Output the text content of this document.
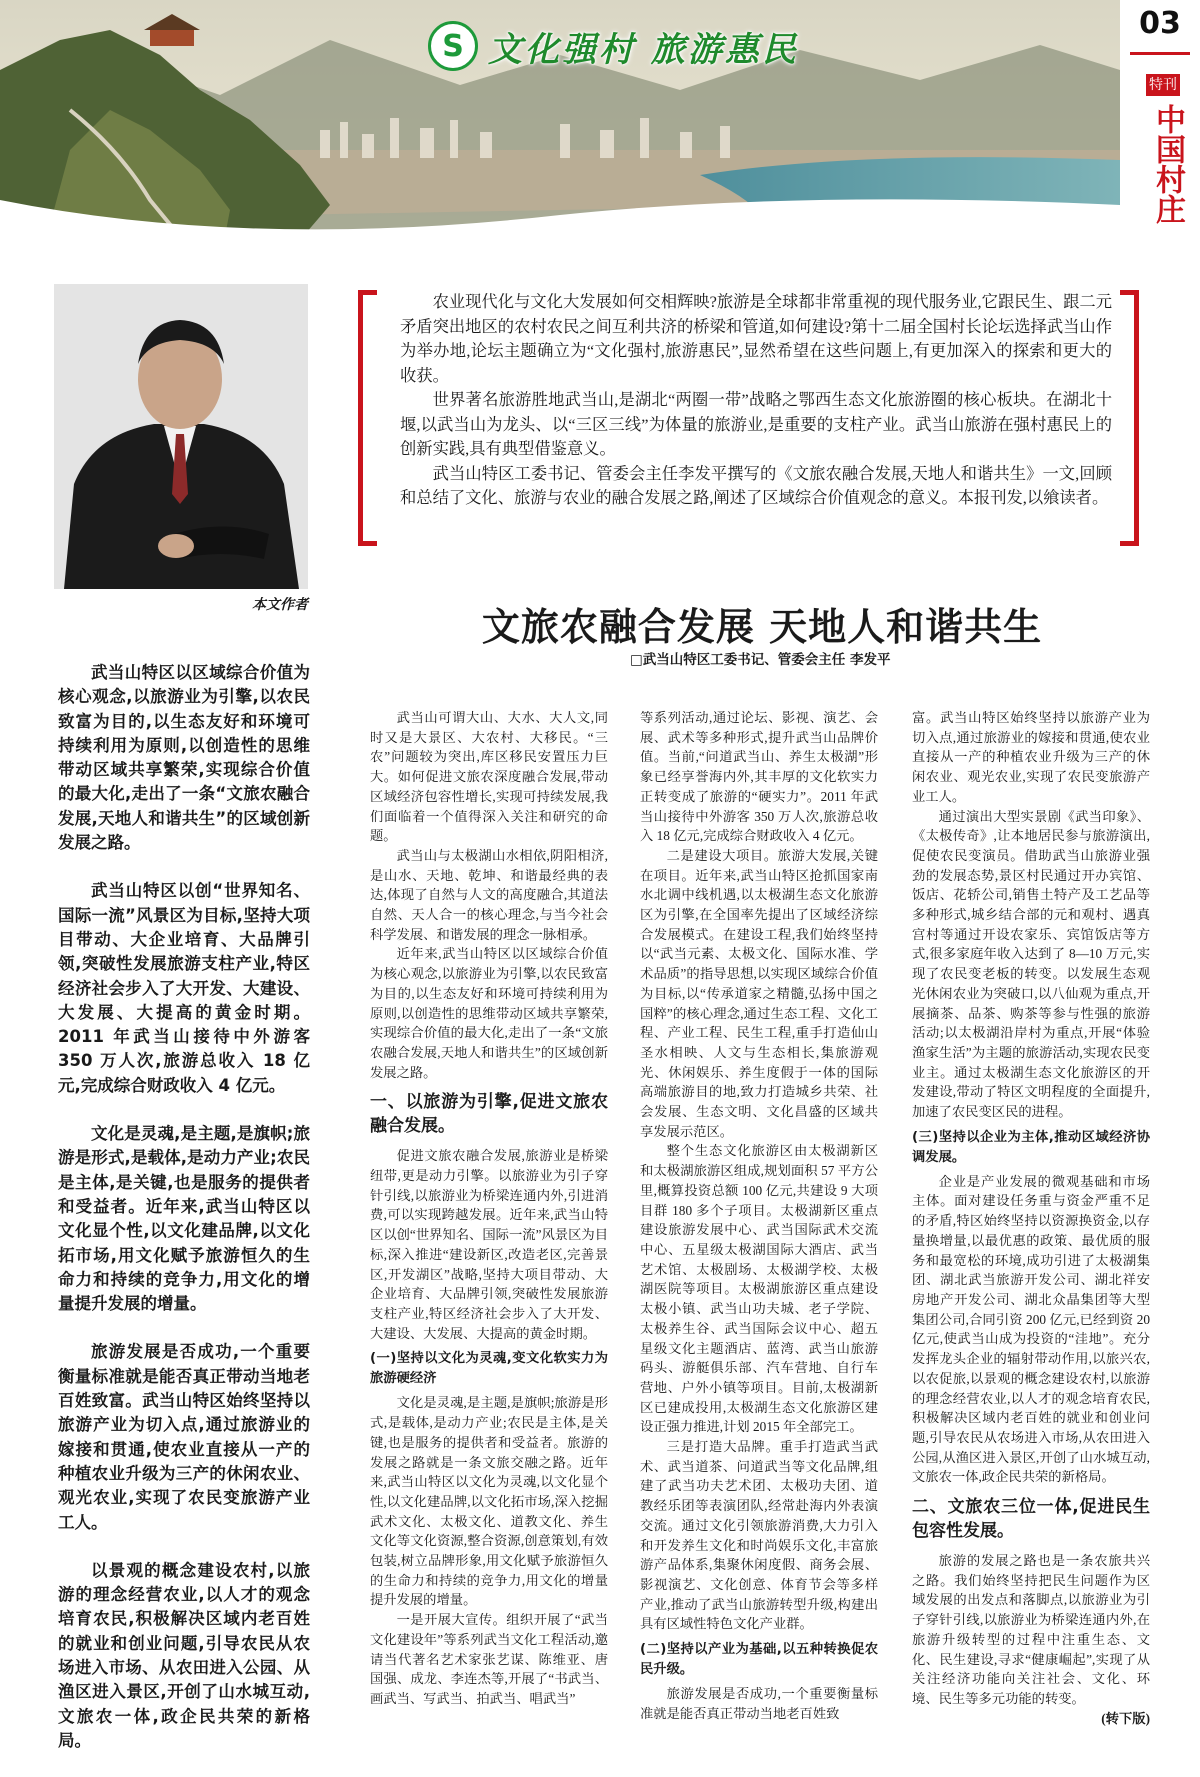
S 文化强村 旅游惠民
03
特刊
中国村庄
本文作者

农业现代化与文化大发展如何交相辉映?旅游是全球都非常重视的现代服务业,它跟民生、跟二元矛盾突出地区的农村农民之间互利共济的桥梁和管道,如何建设?第十二届全国村长论坛选择武当山作为举办地,论坛主题确立为“文化强村,旅游惠民”,显然希望在这些问题上,有更加深入的探索和更大的收获。

世界著名旅游胜地武当山,是湖北“两圈一带”战略之鄂西生态文化旅游圈的核心板块。在湖北十堰,以武当山为龙头、以“三区三线”为体量的旅游业,是重要的支柱产业。武当山旅游在强村惠民上的创新实践,具有典型借鉴意义。

武当山特区工委书记、管委会主任李发平撰写的《文旅农融合发展,天地人和谐共生》一文,回顾和总结了文化、旅游与农业的融合发展之路,阐述了区域综合价值观念的意义。本报刊发,以飨读者。

文旅农融合发展 天地人和谐共生
□武当山特区工委书记、管委会主任 李发平

武当山特区以区域综合价值为核心观念,以旅游业为引擎,以农民致富为目的,以生态友好和环境可持续利用为原则,以创造性的思维带动区域共享繁荣,实现综合价值的最大化,走出了一条“文旅农融合发展,天地人和谐共生”的区域创新发展之路。

武当山特区以创“世界知名、国际一流”风景区为目标,坚持大项目带动、大企业培育、大品牌引领,突破性发展旅游支柱产业,特区经济社会步入了大开发、大建设、大发展、大提高的黄金时期。2011 年武当山接待中外游客 350 万人次,旅游总收入 18 亿元,完成综合财政收入 4 亿元。

文化是灵魂,是主题,是旗帜;旅游是形式,是载体,是动力产业;农民是主体,是关键,也是服务的提供者和受益者。近年来,武当山特区以文化显个性,以文化建品牌,以文化拓市场,用文化赋予旅游恒久的生命力和持续的竞争力,用文化的增量提升发展的增量。

旅游发展是否成功,一个重要衡量标准就是能否真正带动当地老百姓致富。武当山特区始终坚持以旅游产业为切入点,通过旅游业的嫁接和贯通,使农业直接从一产的种植农业升级为三产的休闲农业、观光农业,实现了农民变旅游产业工人。

以景观的概念建设农村,以旅游的理念经营农业,以人才的观念培育农民,积极解决区域内老百姓的就业和创业问题,引导农民从农场进入市场、从农田进入公园、从渔区进入景区,开创了山水城互动,文旅农一体,政企民共荣的新格局。

武当山可谓大山、大水、大人文,同时又是大景区、大农村、大移民。“三农”问题较为突出,库区移民安置压力巨大。如何促进文旅农深度融合发展,带动区域经济包容性增长,实现可持续发展,我们面临着一个值得深入关注和研究的命题。

武当山与太极湖山水相依,阴阳相济,是山水、天地、乾坤、和谐最经典的表达,体现了自然与人文的高度融合,其道法自然、天人合一的核心理念,与当今社会科学发展、和谐发展的理念一脉相承。

近年来,武当山特区以区域综合价值为核心观念,以旅游业为引擎,以农民致富为目的,以生态友好和环境可持续利用为原则,以创造性的思维带动区域共享繁荣,实现综合价值的最大化,走出了一条“文旅农融合发展,天地人和谐共生”的区域创新发展之路。

一、以旅游为引擎,促进文旅农融合发展。

促进文旅农融合发展,旅游业是桥梁纽带,更是动力引擎。以旅游业为引子穿针引线,以旅游业为桥梁连通内外,引进消费,可以实现跨越发展。近年来,武当山特区以创“世界知名、国际一流”风景区为目标,深入推进“建设新区,改造老区,完善景区,开发湖区”战略,坚持大项目带动、大企业培育、大品牌引领,突破性发展旅游支柱产业,特区经济社会步入了大开发、大建设、大发展、大提高的黄金时期。

(一)坚持以文化为灵魂,变文化软实力为旅游硬经济

文化是灵魂,是主题,是旗帜;旅游是形式,是载体,是动力产业;农民是主体,是关键,也是服务的提供者和受益者。旅游的发展之路就是一条文旅交融之路。近年来,武当山特区以文化为灵魂,以文化显个性,以文化建品牌,以文化拓市场,深入挖掘武术文化、太极文化、道教文化、养生文化等文化资源,整合资源,创意策划,有效包装,树立品牌形象,用文化赋予旅游恒久的生命力和持续的竞争力,用文化的增量提升发展的增量。

一是开展大宣传。组织开展了“武当文化建设年”等系列武当文化工程活动,邀请当代著名艺术家张艺谋、陈维亚、唐国强、成龙、李连杰等,开展了“书武当、画武当、写武当、拍武当、唱武当”

等系列活动,通过论坛、影视、演艺、会展、武术等多种形式,提升武当山品牌价值。当前,“问道武当山、养生太极湖”形象已经享誉海内外,其丰厚的文化软实力正转变成了旅游的“硬实力”。2011 年武当山接待中外游客 350 万人次,旅游总收入 18 亿元,完成综合财政收入 4 亿元。

二是建设大项目。旅游大发展,关键在项目。近年来,武当山特区抢抓国家南水北调中线机遇,以太极湖生态文化旅游区为引擎,在全国率先提出了区域经济综合发展模式。在建设工程,我们始终坚持以“武当元素、太极文化、国际水准、学术品质”的指导思想,以实现区域综合价值为目标,以“传承道家之精髓,弘扬中国之国粹”的核心理念,通过生态工程、文化工程、产业工程、民生工程,重手打造仙山圣水相映、人文与生态相长,集旅游观光、休闲娱乐、养生度假于一体的国际高端旅游目的地,致力打造城乡共荣、社会发展、生态文明、文化昌盛的区域共享发展示范区。

整个生态文化旅游区由太极湖新区和太极湖旅游区组成,规划面积 57 平方公里,概算投资总额 100 亿元,共建设 9 大项目群 180 多个子项目。太极湖新区重点建设旅游发展中心、武当国际武术交流中心、五星级太极湖国际大酒店、武当艺术馆、太极剧场、太极湖学校、太极湖医院等项目。太极湖旅游区重点建设太极小镇、武当山功夫城、老子学院、太极养生谷、武当国际会议中心、超五星级文化主题酒店、蓝湾、武当山旅游码头、游艇俱乐部、汽车营地、自行车营地、户外小镇等项目。目前,太极湖新区已建成投用,太极湖生态文化旅游区建设正强力推进,计划 2015 年全部完工。

三是打造大品牌。重手打造武当武术、武当道茶、问道武当等文化品牌,组建了武当功夫艺术团、太极功夫团、道教经乐团等表演团队,经常赴海内外表演交流。通过文化引领旅游消费,大力引入和开发养生文化和时尚娱乐文化,丰富旅游产品体系,集聚休闲度假、商务会展、影视演艺、文化创意、体育节会等多样产业,推动了武当山旅游转型升级,构建出具有区域性特色文化产业群。

(二)坚持以产业为基础,以五种转换促农民升级。

旅游发展是否成功,一个重要衡量标准就是能否真正带动当地老百姓致

富。武当山特区始终坚持以旅游产业为切入点,通过旅游业的嫁接和贯通,使农业直接从一产的种植农业升级为三产的休闲农业、观光农业,实现了农民变旅游产业工人。

通过演出大型实景剧《武当印象》、《太极传奇》,让本地居民参与旅游演出,促使农民变演员。借助武当山旅游业强劲的发展态势,景区村民通过开办宾馆、饭店、花轿公司,销售土特产及工艺品等多种形式,城乡结合部的元和观村、遇真宫村等通过开设农家乐、宾馆饭店等方式,很多家庭年收入达到了 8—10 万元,实现了农民变老板的转变。以发展生态观光休闲农业为突破口,以八仙观为重点,开展摘茶、品茶、购茶等参与性强的旅游活动;以太极湖沿岸村为重点,开展“体验渔家生活”为主题的旅游活动,实现农民变业主。通过太极湖生态文化旅游区的开发建设,带动了特区文明程度的全面提升,加速了农民变区民的进程。

(三)坚持以企业为主体,推动区域经济协调发展。

企业是产业发展的微观基础和市场主体。面对建设任务重与资金严重不足的矛盾,特区始终坚持以资源换资金,以存量换增量,以最优惠的政策、最优质的服务和最宽松的环境,成功引进了太极湖集团、湖北武当旅游开发公司、湖北祥安房地产开发公司、湖北众晶集团等大型集团公司,合同引资 200 亿元,已经到资 20 亿元,使武当山成为投资的“洼地”。充分发挥龙头企业的辐射带动作用,以旅兴农,以农促旅,以景观的概念建设农村,以旅游的理念经营农业,以人才的观念培育农民,积极解决区域内老百姓的就业和创业问题,引导农民从农场进入市场,从农田进入公园,从渔区进入景区,开创了山水城互动,文旅农一体,政企民共荣的新格局。

二、文旅农三位一体,促进民生包容性发展。

旅游的发展之路也是一条农旅共兴之路。我们始终坚持把民生问题作为区域发展的出发点和落脚点,以旅游业为引子穿针引线,以旅游业为桥梁连通内外,在旅游升级转型的过程中注重生态、文化、民生建设,寻求“健康崛起”,实现了从关注经济功能向关注社会、文化、环境、民生等多元功能的转变。

(转下版)
